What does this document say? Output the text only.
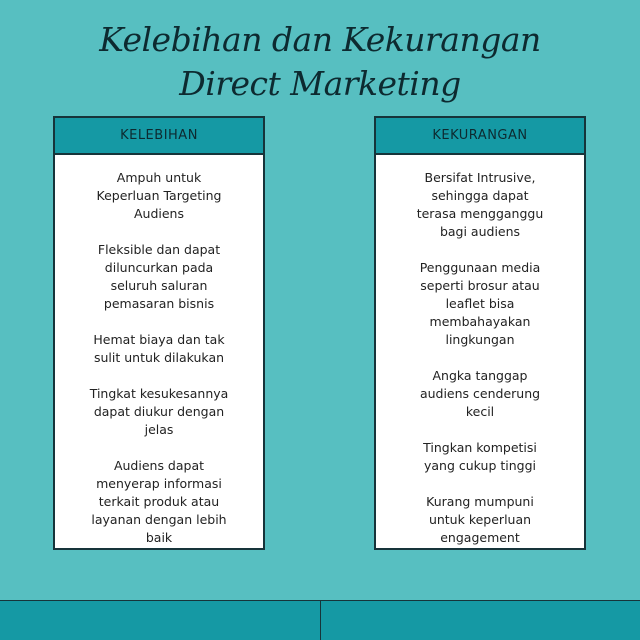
Kelebihan dan Kekurangan
Direct Marketing
KELEBIHAN
Ampuh untuk
Keperluan Targeting
Audiens
Fleksible dan dapat
diluncurkan pada
seluruh saluran
pemasaran bisnis
Hemat biaya dan tak
sulit untuk dilakukan
Tingkat kesukesannya
dapat diukur dengan
jelas
Audiens dapat
menyerap informasi
terkait produk atau
layanan dengan lebih
baik
KEKURANGAN
Bersifat Intrusive,
sehingga dapat
terasa mengganggu
bagi audiens
Penggunaan media
seperti brosur atau
leaflet bisa
membahayakan
lingkungan
Angka tanggap
audiens cenderung
kecil
Tingkan kompetisi
yang cukup tinggi
Kurang mumpuni
untuk keperluan
engagement
